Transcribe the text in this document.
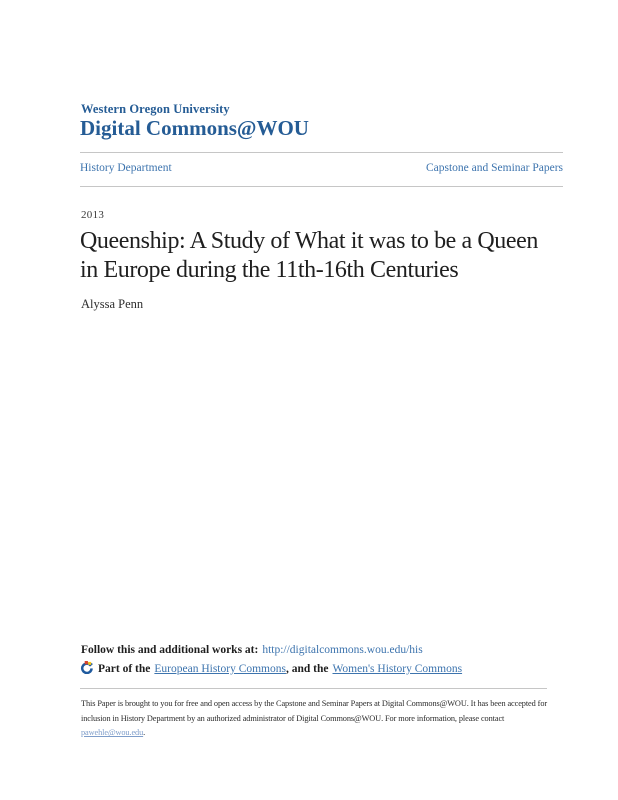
Western Oregon University
Digital Commons@WOU
History Department	Capstone and Seminar Papers
2013
Queenship: A Study of What it was to be a Queen
in Europe during the 11th-16th Centuries
Alyssa Penn
Follow this and additional works at: http://digitalcommons.wou.edu/his
Part of the European History Commons, and the Women's History Commons
This Paper is brought to you for free and open access by the Capstone and Seminar Papers at Digital Commons@WOU. It has been accepted for
inclusion in History Department by an authorized administrator of Digital Commons@WOU. For more information, please contact
pawehle@wou.edu.
